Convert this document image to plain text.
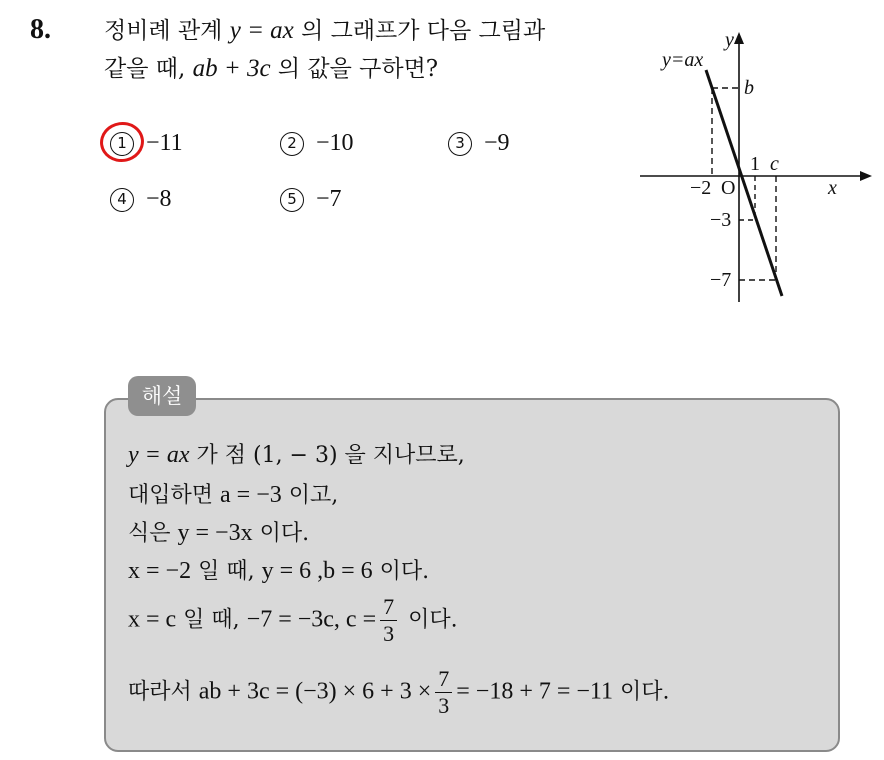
8. 정비례 관계 y = ax 의 그래프가 다음 그림과
같을 때, ab + 3c 의 값을 구하면?
1 −11	2 −10	3 −9
4 −8	5 −7
y=ax
y
x
O
b
1 c
−2
−3
−7
해설
y = ax 가 점 (1, − 3) 을 지나므로,
대입하면 a = −3 이고,
식은 y = −3x 이다.
x = −2 일 때, y = 6 ,b = 6 이다.
x = c 일 때, −7 = −3c, $c = \frac{7}{3}$ 이다.
따라서 ab + $3c = (-3) \times 6 + 3 \times \frac{7}{3} = -18 + 7 = -11$ 이다.
